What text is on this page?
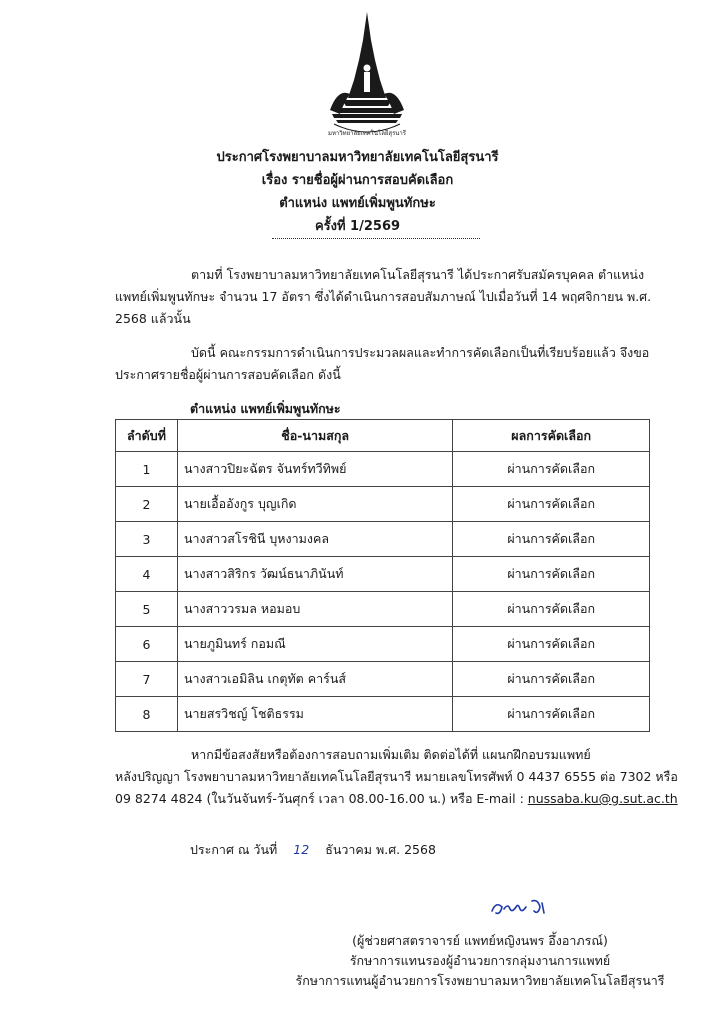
มหาวิทยาลัยเทคโนโลยีสุรนารี
ประกาศโรงพยาบาลมหาวิทยาลัยเทคโนโลยีสุรนารี
เรื่อง รายชื่อผู้ผ่านการสอบคัดเลือก
ตำแหน่ง แพทย์เพิ่มพูนทักษะ
ครั้งที่ 1/2569
ตามที่ โรงพยาบาลมหาวิทยาลัยเทคโนโลยีสุรนารี ได้ประกาศรับสมัครบุคคล ตำแหน่ง
แพทย์เพิ่มพูนทักษะ จำนวน 17 อัตรา ซึ่งได้ดำเนินการสอบสัมภาษณ์ ไปเมื่อวันที่ 14 พฤศจิกายน พ.ศ.
2568 แล้วนั้น
บัดนี้ คณะกรรมการดำเนินการประมวลผลและทำการคัดเลือกเป็นที่เรียบร้อยแล้ว จึงขอ
ประกาศรายชื่อผู้ผ่านการสอบคัดเลือก ดังนี้
ตำแหน่ง แพทย์เพิ่มพูนทักษะ
ลำดับที่	ชื่อ-นามสกุล	ผลการคัดเลือก
1	นางสาวปิยะฉัตร จันทร์ทวีทิพย์	ผ่านการคัดเลือก
2	นายเอื้ออังกูร บุญเกิด	ผ่านการคัดเลือก
3	นางสาวสโรชินี บุหงามงคล	ผ่านการคัดเลือก
4	นางสาวสิริกร วัฒน์ธนาภินันท์	ผ่านการคัดเลือก
5	นางสาววรมล หอมอบ	ผ่านการคัดเลือก
6	นายภูมินทร์ กอมณี	ผ่านการคัดเลือก
7	นางสาวเอมิลิน เกตุทัต คาร์นส์	ผ่านการคัดเลือก
8	นายสรวิชญ์ โชติธรรม	ผ่านการคัดเลือก
หากมีข้อสงสัยหรือต้องการสอบถามเพิ่มเติม ติดต่อได้ที่ แผนกฝึกอบรมแพทย์
หลังปริญญา โรงพยาบาลมหาวิทยาลัยเทคโนโลยีสุรนารี หมายเลขโทรศัพท์ 0 4437 6555 ต่อ 7302 หรือ
09 8274 4824 (ในวันจันทร์-วันศุกร์ เวลา 08.00-16.00 น.) หรือ E-mail : nussaba.ku@g.sut.ac.th
ประกาศ ณ วันที่ 12 ธันวาคม พ.ศ. 2568
(ผู้ช่วยศาสตราจารย์ แพทย์หญิงนพร อึ้งอาภรณ์)
รักษาการแทนรองผู้อำนวยการกลุ่มงานการแพทย์
รักษาการแทนผู้อำนวยการโรงพยาบาลมหาวิทยาลัยเทคโนโลยีสุรนารี
